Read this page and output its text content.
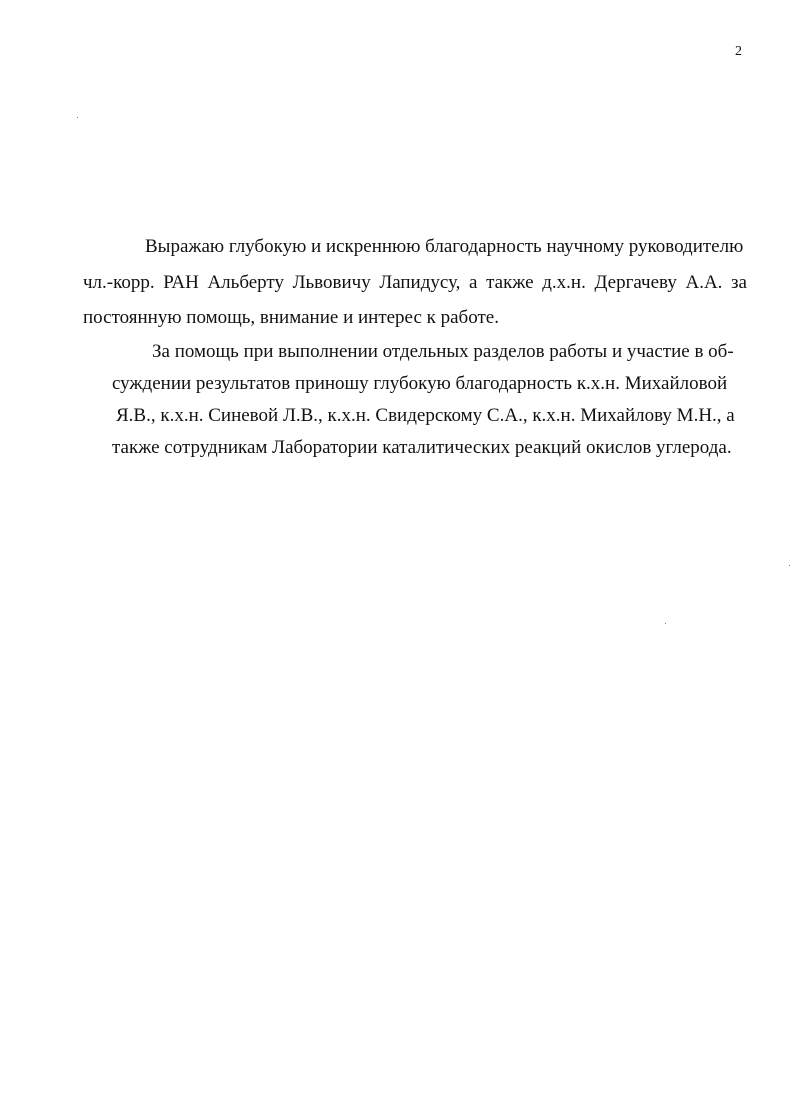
2
Выражаю глубокую и искреннюю благодарность научному руководителю
чл.-корр. РАН Альберту Львовичу Лапидусу, а также д.х.н. Дергачеву А.А. за
постоянную помощь, внимание и интерес к работе.
За помощь при выполнении отдельных разделов работы и участие в об-
суждении результатов приношу глубокую благодарность к.х.н. Михайловой
Я.В., к.х.н. Синевой Л.В., к.х.н. Свидерскому С.А., к.х.н. Михайлову М.Н., а
также сотрудникам Лаборатории каталитических реакций окислов углерода.
